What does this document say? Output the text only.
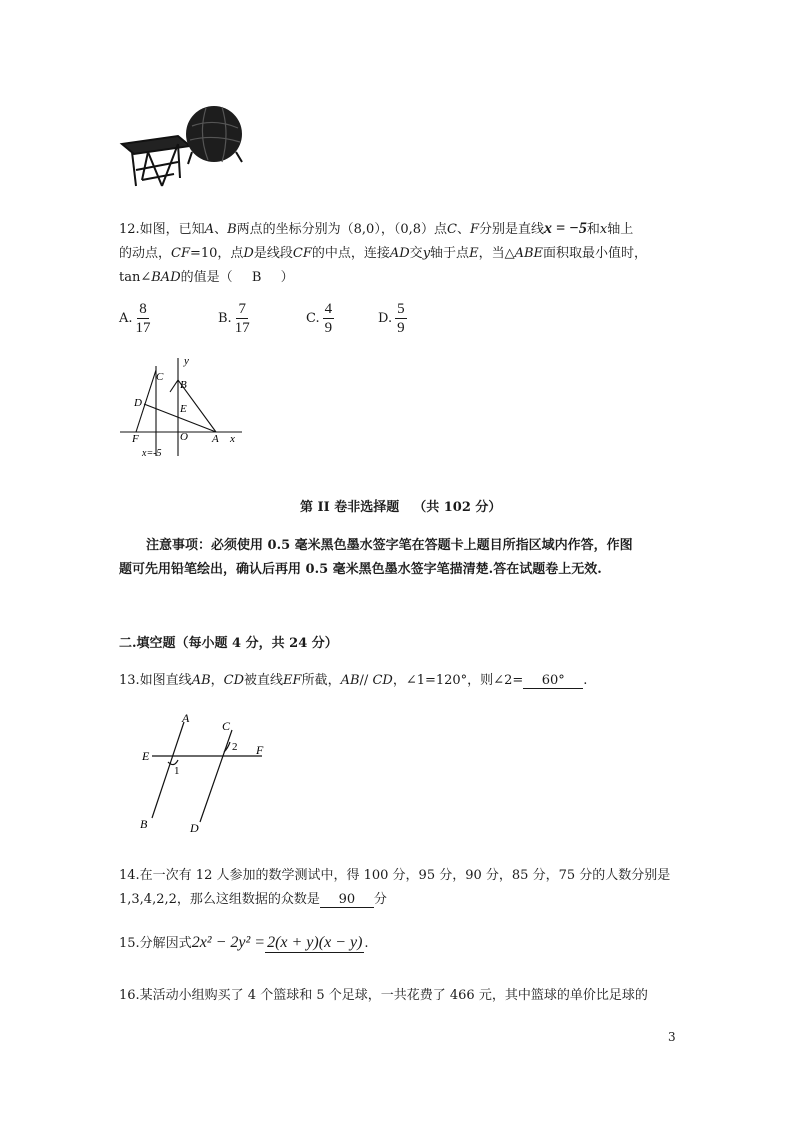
12.如图，已知A、B两点的坐标分别为（8,0），（0,8）点C、F分别是直线x = −5和x轴上
的动点，CF=10，点D是线段CF的中点，连接AD交y轴于点E，当△ABE面积取最小值时，
tan∠BAD的值是（ B ）
A. $\frac{8}{17}$	B. $\frac{7}{17}$	C. $\frac{4}{9}$	D. $\frac{5}{9}$
y
C
B
D	E
O A x
F
x=-5
第 II 卷非选择题 （共 102 分）
注意事项：必须使用 0.5 毫米黑色墨水签字笔在答题卡上题目所指区域内作答，作图
题可先用铅笔绘出，确认后再用 0.5 毫米黑色墨水签字笔描清楚.答在试题卷上无效.
二.填空题（每小题 4 分，共 24 分）
13.如图直线AB，CD被直线EF所截，AB// CD，∠1=120°，则∠2= 60° .
A
C
E	F
1
2
B	D
14.在一次有 12 人参加的数学测试中，得 100 分，95 分，90 分，85 分，75 分的人数分别是
1,3,4,2,2，那么这组数据的众数是 90 分
15.分解因式2x² − 2y² = 2(x + y)(x − y) .
16.某活动小组购买了 4 个篮球和 5 个足球，一共花费了 466 元，其中篮球的单价比足球的
3
